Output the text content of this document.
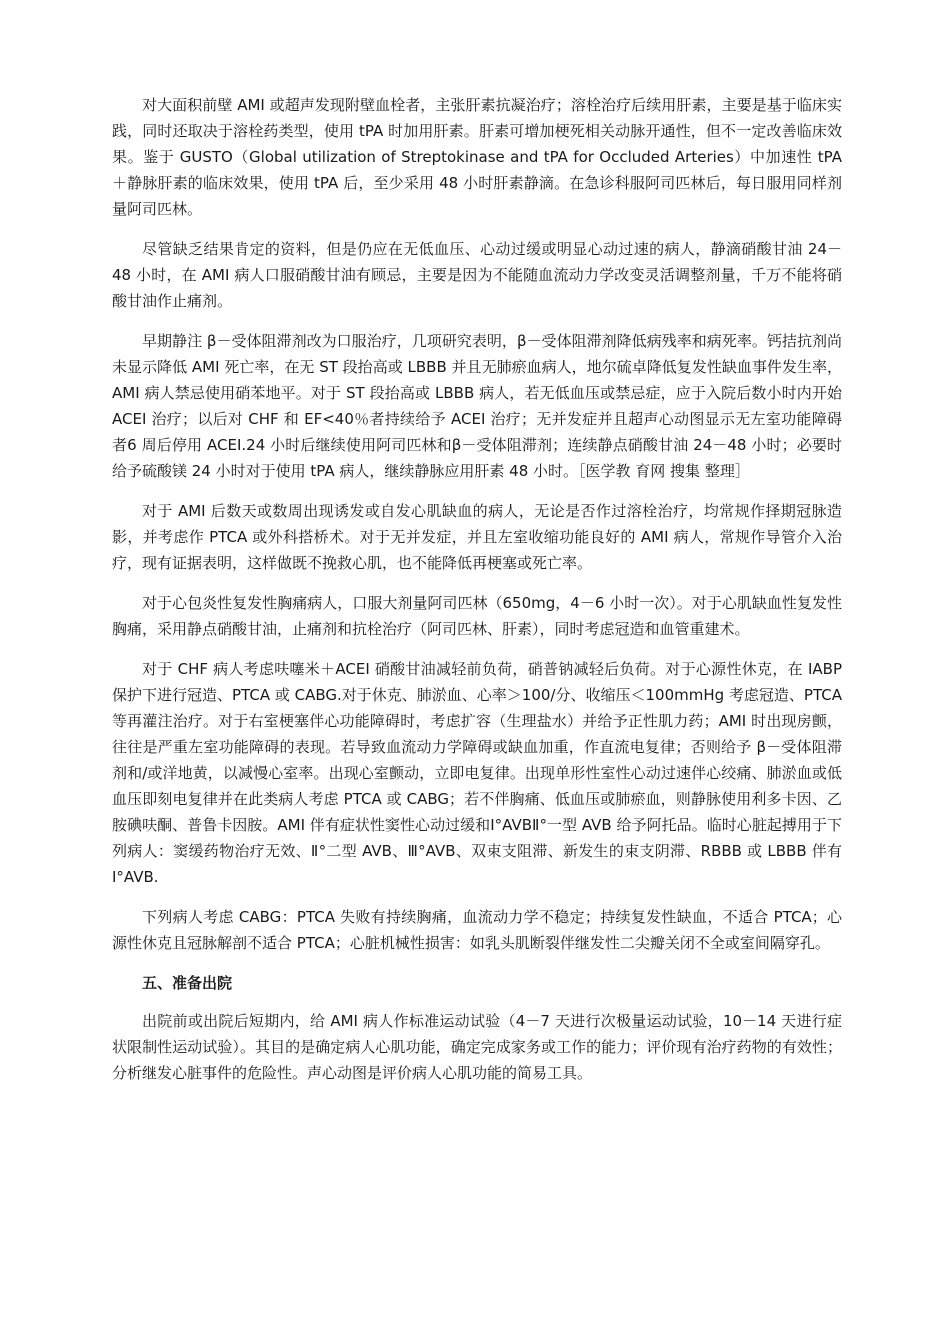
对大面积前壁 AMI 或超声发现附壁血栓者，主张肝素抗凝治疗；溶栓治疗后续用肝素，主要是基于临床实践，同时还取决于溶栓药类型，使用 tPA 时加用肝素。肝素可增加梗死相关动脉开通性，但不一定改善临床效果。鉴于 GUSTO（Global utilization of Streptokinase and tPA for Occluded Arteries）中加速性 tPA＋静脉肝素的临床效果，使用 tPA 后，至少采用 48 小时肝素静滴。在急诊科服阿司匹林后，每日服用同样剂量阿司匹林。

尽管缺乏结果肯定的资料，但是仍应在无低血压、心动过缓或明显心动过速的病人，静滴硝酸甘油 24－48 小时，在 AMI 病人口服硝酸甘油有顾忌，主要是因为不能随血流动力学改变灵活调整剂量，千万不能将硝酸甘油作止痛剂。

早期静注 β－受体阻滞剂改为口服治疗，几项研究表明，β－受体阻滞剂降低病残率和病死率。钙拮抗剂尚未显示降低 AMI 死亡率，在无 ST 段抬高或 LBBB 并且无肺瘀血病人，地尔硫卓降低复发性缺血事件发生率，AMI 病人禁忌使用硝苯地平。对于 ST 段抬高或 LBBB 病人，若无低血压或禁忌症，应于入院后数小时内开始 ACEI 治疗；以后对 CHF 和 EF<40％者持续给予 ACEI 治疗；无并发症并且超声心动图显示无左室功能障碍者6 周后停用 ACEI.24 小时后继续使用阿司匹林和β－受体阻滞剂；连续静点硝酸甘油 24－48 小时；必要时给予硫酸镁 24 小时对于使用 tPA 病人，继续静脉应用肝素 48 小时。［医学教 育网 搜集 整理］

对于 AMI 后数天或数周出现诱发或自发心肌缺血的病人，无论是否作过溶栓治疗，均常规作择期冠脉造影，并考虑作 PTCA 或外科搭桥术。对于无并发症，并且左室收缩功能良好的 AMI 病人，常规作导管介入治疗，现有证据表明，这样做既不挽救心肌，也不能降低再梗塞或死亡率。

对于心包炎性复发性胸痛病人，口服大剂量阿司匹林（650mg，4－6 小时一次）。对于心肌缺血性复发性胸痛，采用静点硝酸甘油，止痛剂和抗栓治疗（阿司匹林、肝素），同时考虑冠造和血管重建术。

对于 CHF 病人考虑呋噻米＋ACEI 硝酸甘油减轻前负荷，硝普钠减轻后负荷。对于心源性休克，在 IABP 保护下进行冠造、PTCA 或 CABG.对于休克、肺淤血、心率＞100/分、收缩压＜100mmHg 考虑冠造、PTCA 等再灌注治疗。对于右室梗塞伴心功能障碍时，考虑扩容（生理盐水）并给予正性肌力药；AMI 时出现房颤，往往是严重左室功能障碍的表现。若导致血流动力学障碍或缺血加重，作直流电复律；否则给予 β－受体阻滞剂和/或洋地黄，以减慢心室率。出现心室颤动，立即电复律。出现单形性室性心动过速伴心绞痛、肺淤血或低血压即刻电复律并在此类病人考虑 PTCA 或 CABG；若不伴胸痛、低血压或肺瘀血，则静脉使用利多卡因、乙胺碘呋酮、普鲁卡因胺。AMI 伴有症状性窦性心动过缓和Ⅰ°AVBⅡ°一型 AVB 给予阿托品。临时心脏起搏用于下列病人：窦缓药物治疗无效、Ⅱ°二型 AVB、Ⅲ°AVB、双束支阻滞、新发生的束支阴滞、RBBB 或 LBBB 伴有Ⅰ°AVB.

下列病人考虑 CABG：PTCA 失败有持续胸痛，血流动力学不稳定；持续复发性缺血，不适合 PTCA；心源性休克且冠脉解剖不适合 PTCA；心脏机械性损害：如乳头肌断裂伴继发性二尖瓣关闭不全或室间隔穿孔。

五、准备出院

出院前或出院后短期内，给 AMI 病人作标准运动试验（4－7 天进行次极量运动试验，10－14 天进行症状限制性运动试验）。其目的是确定病人心肌功能，确定完成家务或工作的能力；评价现有治疗药物的有效性；分析继发心脏事件的危险性。声心动图是评价病人心肌功能的简易工具。
